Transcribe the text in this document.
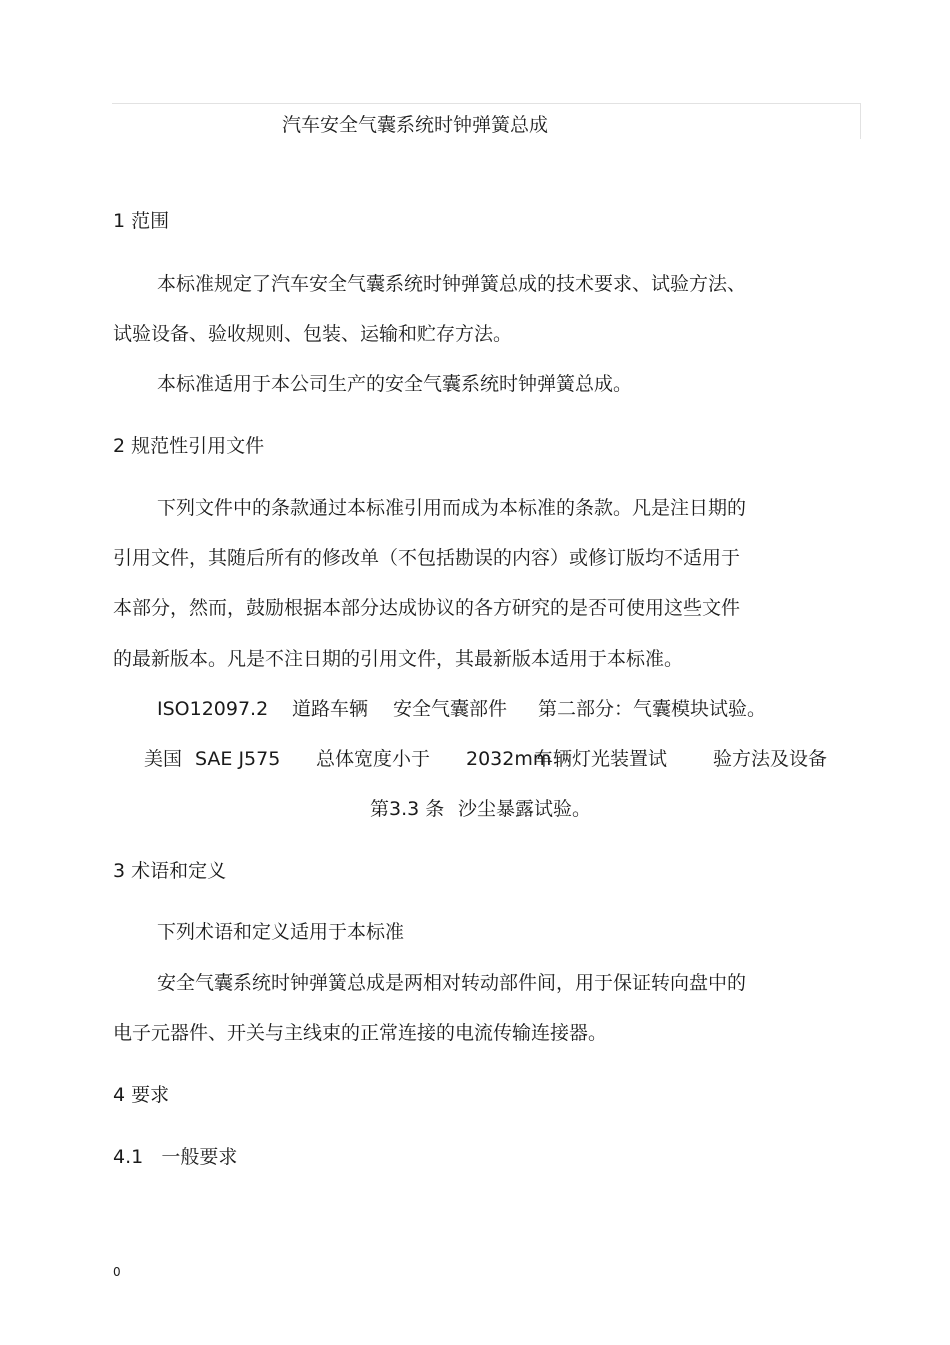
汽车安全气囊系统时钟弹簧总成
1 范围
本标准规定了汽车安全气囊系统时钟弹簧总成的技术要求、试验方法、
试验设备、验收规则、包装、运输和贮存方法。
本标准适用于本公司生产的安全气囊系统时钟弹簧总成。
2 规范性引用文件
下列文件中的条款通过本标准引用而成为本标准的条款。凡是注日期的
引用文件，其随后所有的修改单（不包括勘误的内容）或修订版均不适用于
本部分，然而，鼓励根据本部分达成协议的各方研究的是否可使用这些文件
的最新版本。凡是不注日期的引用文件，其最新版本适用于本标准。
ISO12097.2 道路车辆 安全气囊部件 第二部分：气囊模块试验。
美国 SAE J575 总体宽度小于 2032mm
车辆灯光装置试 验方法及设备
第3.3 条 沙尘暴露试验。
3 术语和定义
下列术语和定义适用于本标准
安全气囊系统时钟弹簧总成是两相对转动部件间，用于保证转向盘中的
电子元器件、开关与主线束的正常连接的电流传输连接器。
4 要求
4.1   一般要求
0
